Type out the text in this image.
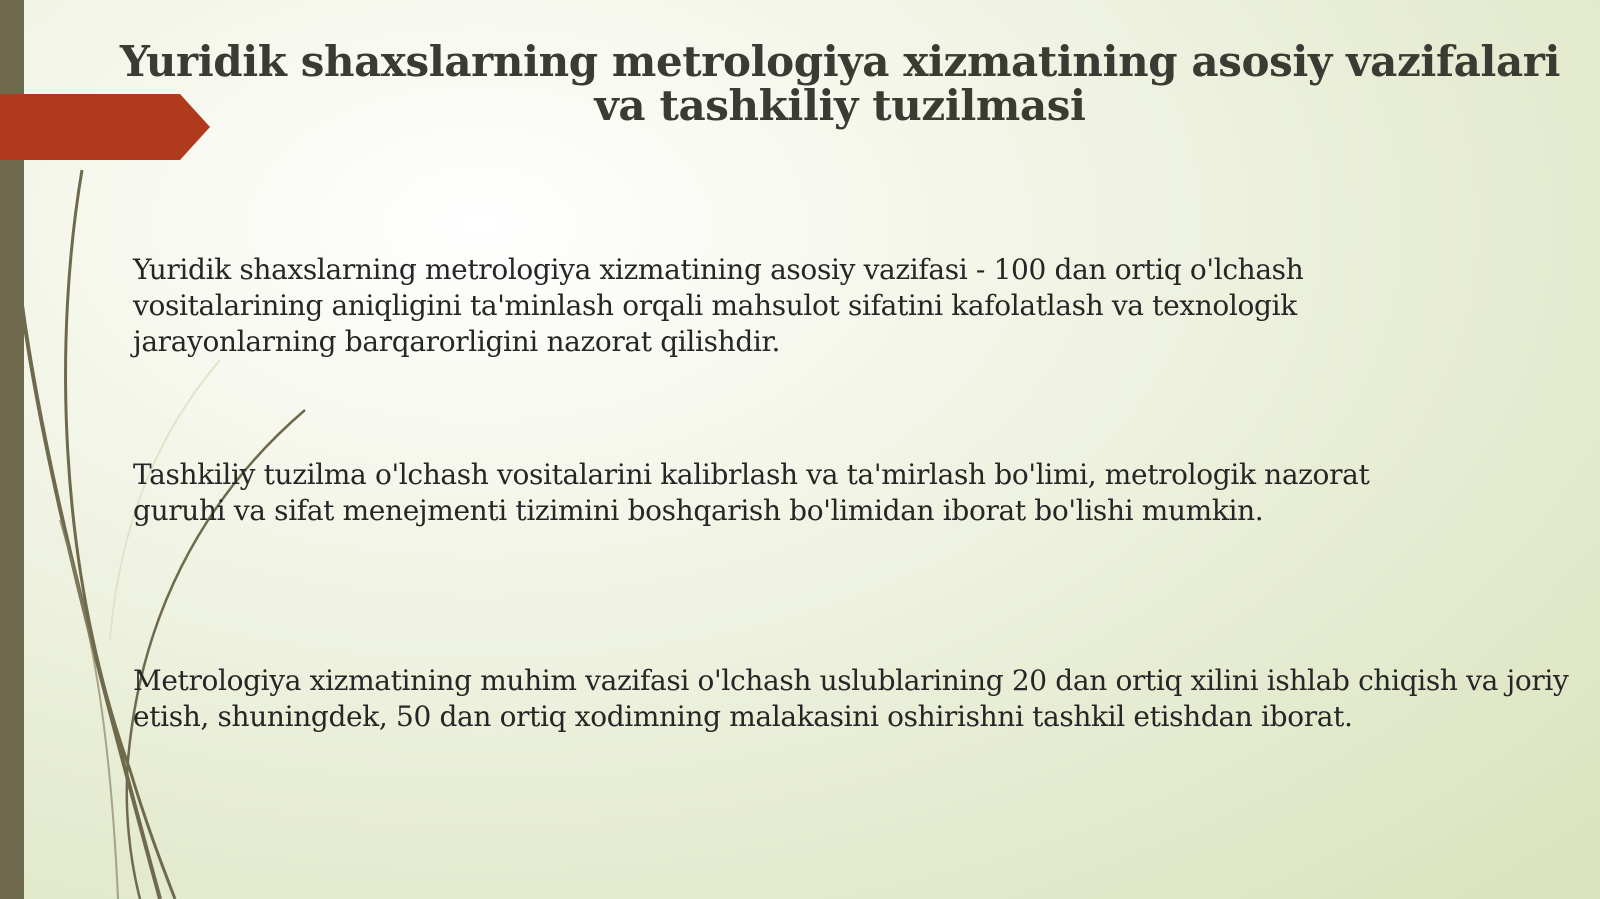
Yuridik shaxslarning metrologiya xizmatining asosiy vazifalari va tashkiliy tuzilmasi

Yuridik shaxslarning metrologiya xizmatining asosiy vazifasi - 100 dan ortiq o'lchash vositalarining aniqligini ta'minlash orqali mahsulot sifatini kafolatlash va texnologik jarayonlarning barqarorligini nazorat qilishdir.

Tashkiliy tuzilma o'lchash vositalarini kalibrlash va ta'mirlash bo'limi, metrologik nazorat guruhi va sifat menejmenti tizimini boshqarish bo'limidan iborat bo'lishi mumkin.

Metrologiya xizmatining muhim vazifasi o'lchash uslublarining 20 dan ortiq xilini ishlab chiqish va joriy etish, shuningdek, 50 dan ortiq xodimning malakasini oshirishni tashkil etishdan iborat.
